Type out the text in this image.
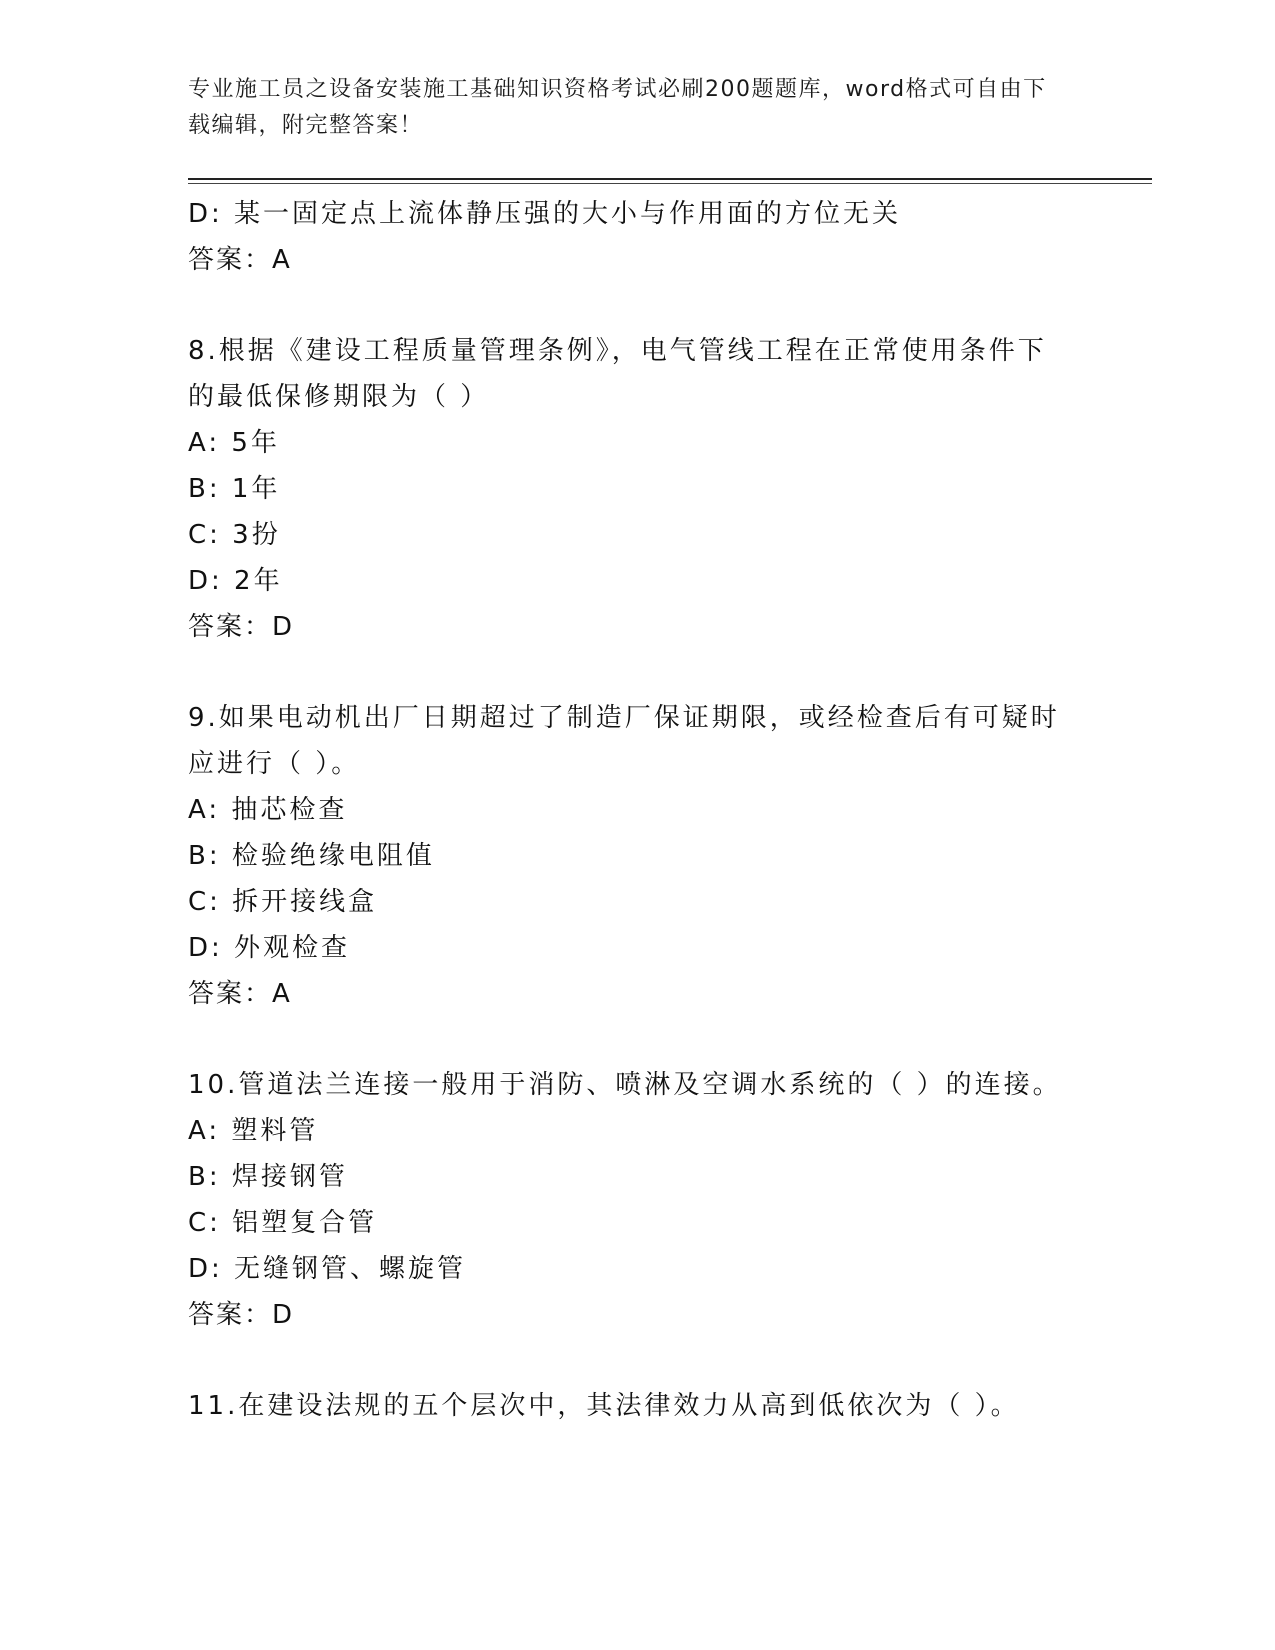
专业施工员之设备安装施工基础知识资格考试必刷200题题库，word格式可自由下载编辑，附完整答案！
D: 某一固定点上流体静压强的大小与作用面的方位无关
答案：A
8.根据《建设工程质量管理条例》，电气管线工程在正常使用条件下
的最低保修期限为（ ）
A: 5年
B: 1年
C: 3扮
D: 2年
答案：D
9.如果电动机出厂日期超过了制造厂保证期限，或经检查后有可疑时
应进行（ ）。
A: 抽芯检查
B: 检验绝缘电阻值
C: 拆开接线盒
D: 外观检查
答案：A
10.管道法兰连接一般用于消防、喷淋及空调水系统的（ ）的连接。
A: 塑料管
B: 焊接钢管
C: 铝塑复合管
D: 无缝钢管、螺旋管
答案：D
11.在建设法规的五个层次中，其法律效力从高到低依次为（ ）。
